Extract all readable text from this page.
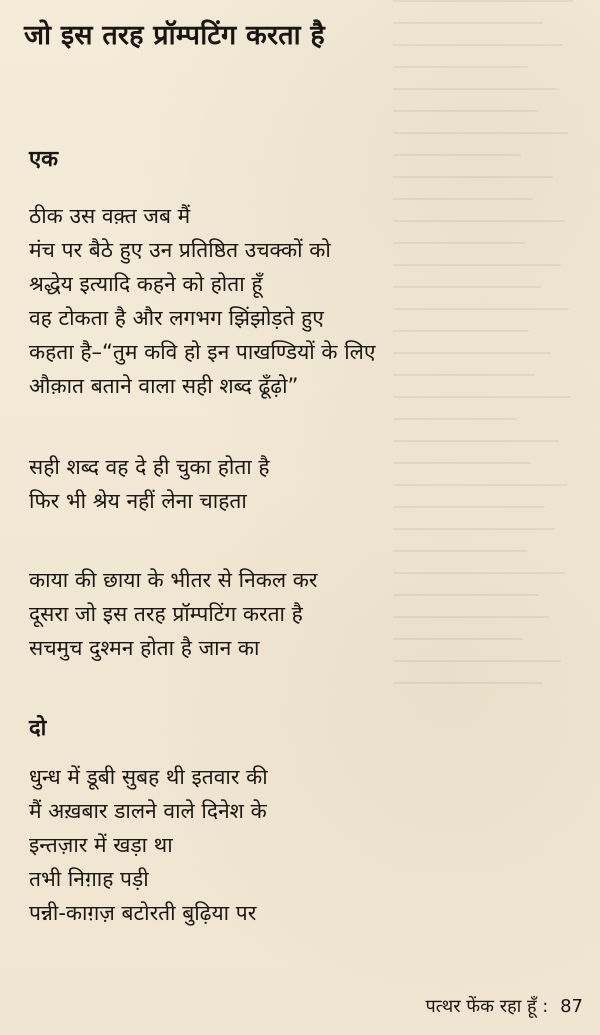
जो इस तरह प्रॉम्पटिंग करता है
एक

ठीक उस वक़्त जब मैं
मंच पर बैठे हुए उन प्रतिष्ठित उचक्कों को
श्रद्धेय इत्यादि कहने को होता हूँ
वह टोकता है और लगभग झिंझोड़ते हुए
कहता है–“तुम कवि हो इन पाखण्डियों के लिए
औक़ात बताने वाला सही शब्द ढूँढ़ो”

सही शब्द वह दे ही चुका होता है
फिर भी श्रेय नहीं लेना चाहता

काया की छाया के भीतर से निकल कर
दूसरा जो इस तरह प्रॉम्पटिंग करता है
सचमुच दुश्मन होता है जान का

दो

धुन्ध में डूबी सुबह थी इतवार की
मैं अख़बार डालने वाले दिनेश के
इन्तज़ार में खड़ा था
तभी निग़ाह पड़ी
पन्नी-काग़ज़ बटोरती बुढ़िया पर

पत्थर फेंक रहा हूँ : 87
